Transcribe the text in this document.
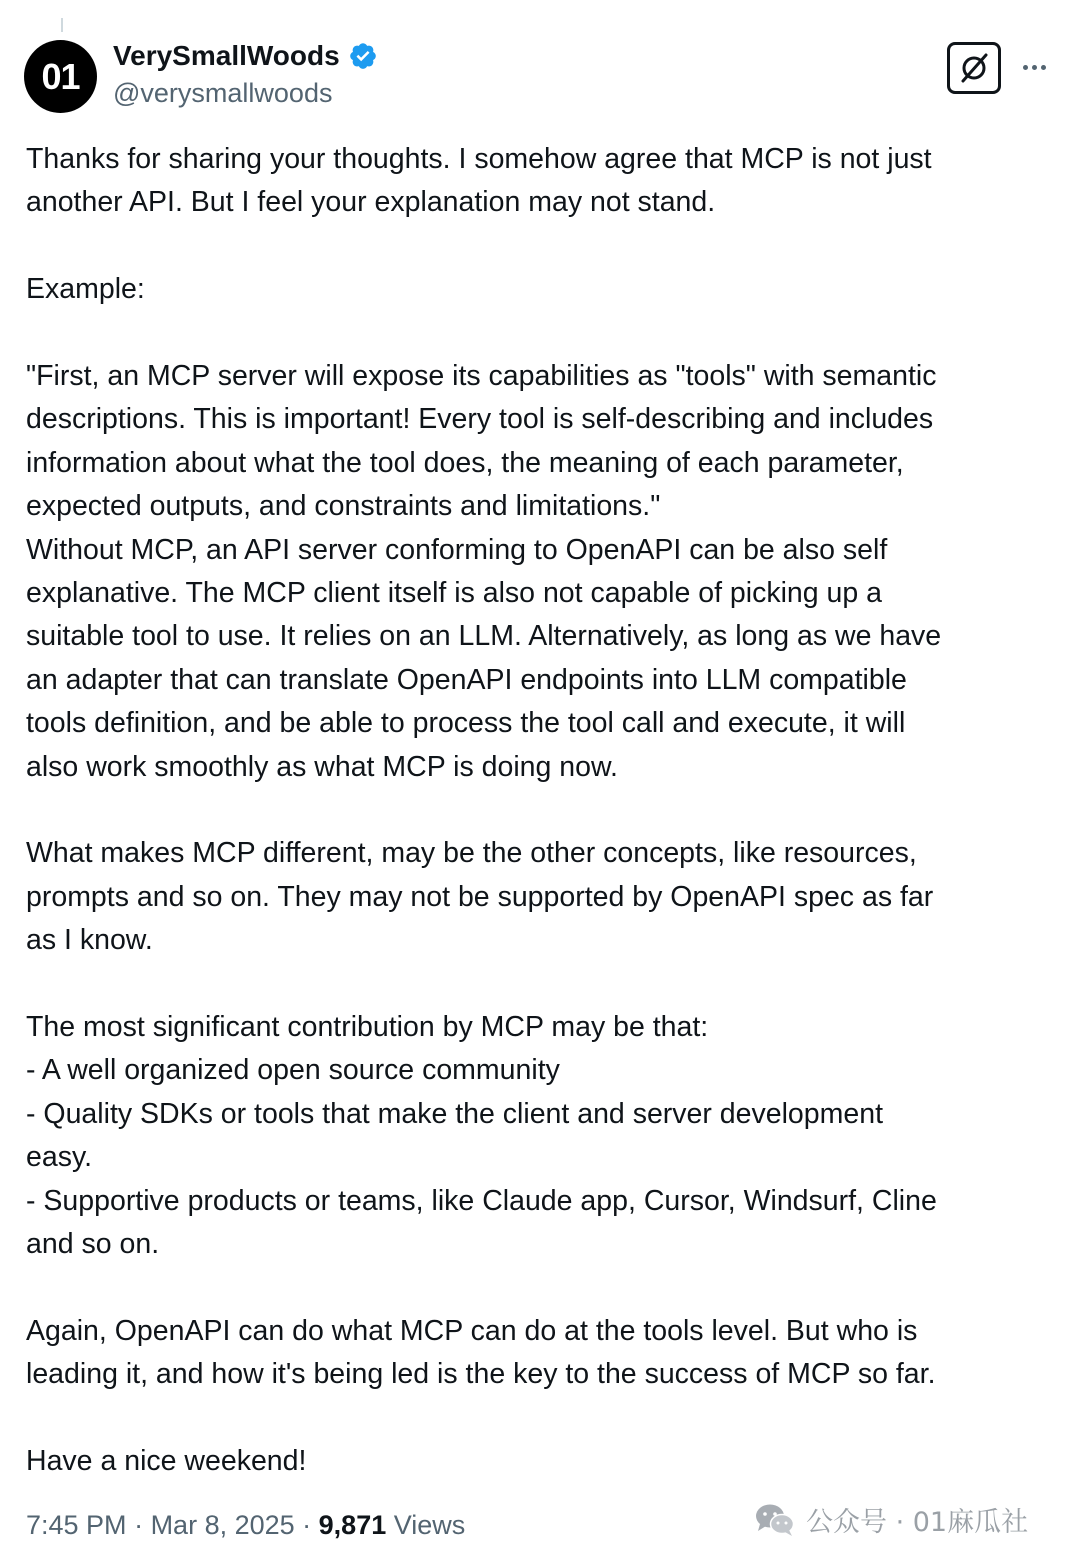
01 VerySmallWoods
@verysmallwoods

Thanks for sharing your thoughts. I somehow agree that MCP is not just
another API. But I feel your explanation may not stand.

Example:

"First, an MCP server will expose its capabilities as "tools" with semantic
descriptions. This is important! Every tool is self-describing and includes
information about what the tool does, the meaning of each parameter,
expected outputs, and constraints and limitations."
Without MCP, an API server conforming to OpenAPI can be also self
explanative. The MCP client itself is also not capable of picking up a
suitable tool to use. It relies on an LLM. Alternatively, as long as we have
an adapter that can translate OpenAPI endpoints into LLM compatible
tools definition, and be able to process the tool call and execute, it will
also work smoothly as what MCP is doing now.

What makes MCP different, may be the other concepts, like resources,
prompts and so on. They may not be supported by OpenAPI spec as far
as I know.

The most significant contribution by MCP may be that:
- A well organized open source community
- Quality SDKs or tools that make the client and server development
easy.
- Supportive products or teams, like Claude app, Cursor, Windsurf, Cline
and so on.

Again, OpenAPI can do what MCP can do at the tools level. But who is
leading it, and how it's being led is the key to the success of MCP so far.

Have a nice weekend!

7:45 PM · Mar 8, 2025 · 9,871 Views	公众号 · 01麻瓜社
